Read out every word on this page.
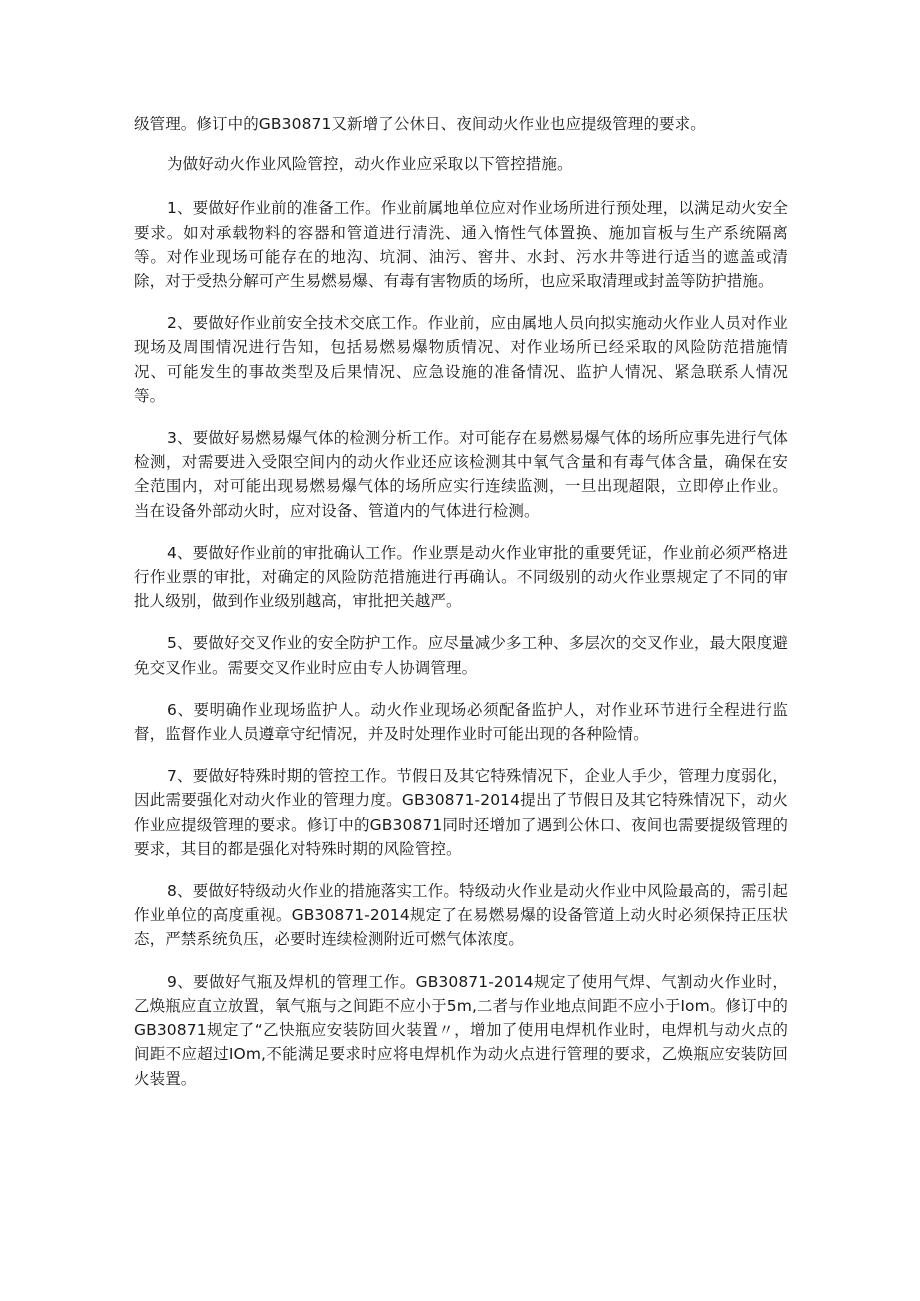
级管理。修订中的GB30871又新增了公休日、夜间动火作业也应提级管理的要求。

为做好动火作业风险管控，动火作业应采取以下管控措施。

1、要做好作业前的准备工作。作业前属地单位应对作业场所进行预处理，以满足动火安全要求。如对承载物料的容器和管道进行清洗、通入惰性气体置换、施加盲板与生产系统隔离等。对作业现场可能存在的地沟、坑洞、油污、窖井、水封、污水井等进行适当的遮盖或清除，对于受热分解可产生易燃易爆、有毒有害物质的场所，也应采取清理或封盖等防护措施。

2、要做好作业前安全技术交底工作。作业前，应由属地人员向拟实施动火作业人员对作业现场及周围情况进行告知，包括易燃易爆物质情况、对作业场所已经采取的风险防范措施情况、可能发生的事故类型及后果情况、应急设施的准备情况、监护人情况、紧急联系人情况等。

3、要做好易燃易爆气体的检测分析工作。对可能存在易燃易爆气体的场所应事先进行气体检测，对需要进入受限空间内的动火作业还应该检测其中氧气含量和有毒气体含量，确保在安全范围内，对可能出现易燃易爆气体的场所应实行连续监测，一旦出现超限，立即停止作业。当在设备外部动火时，应对设备、管道内的气体进行检测。

4、要做好作业前的审批确认工作。作业票是动火作业审批的重要凭证，作业前必须严格进行作业票的审批，对确定的风险防范措施进行再确认。不同级别的动火作业票规定了不同的审批人级别，做到作业级别越高，审批把关越严。

5、要做好交叉作业的安全防护工作。应尽量减少多工种、多层次的交叉作业，最大限度避免交叉作业。需要交叉作业时应由专人协调管理。

6、要明确作业现场监护人。动火作业现场必须配备监护人，对作业环节进行全程进行监督，监督作业人员遵章守纪情况，并及时处理作业时可能出现的各种险情。

7、要做好特殊时期的管控工作。节假日及其它特殊情况下，企业人手少，管理力度弱化，因此需要强化对动火作业的管理力度。GB30871-2014提出了节假日及其它特殊情况下，动火作业应提级管理的要求。修订中的GB30871同时还增加了遇到公休口、夜间也需要提级管理的要求，其目的都是强化对特殊时期的风险管控。

8、要做好特级动火作业的措施落实工作。特级动火作业是动火作业中风险最高的，需引起作业单位的高度重视。GB30871-2014规定了在易燃易爆的设备管道上动火时必须保持正压状态，严禁系统负压，必要时连续检测附近可燃气体浓度。

9、要做好气瓶及焊机的管理工作。GB30871-2014规定了使用气焊、气割动火作业时，乙焕瓶应直立放置，氧气瓶与之间距不应小于5m,二者与作业地点间距不应小于Iom。修订中的GB30871规定了“乙快瓶应安装防回火装置〃，增加了使用电焊机作业时，电焊机与动火点的间距不应超过IOm,不能满足要求时应将电焊机作为动火点进行管理的要求，乙焕瓶应安装防回火装置。
